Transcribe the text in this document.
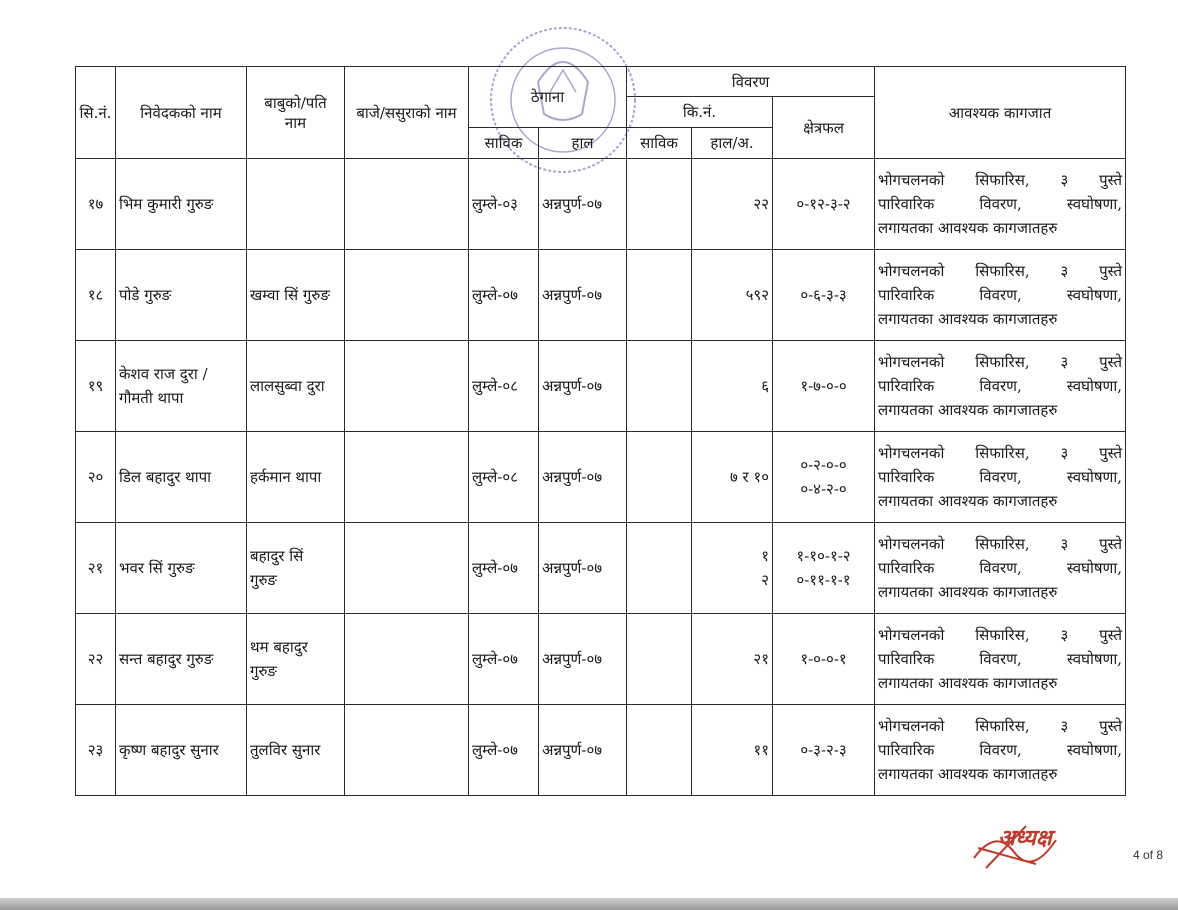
सि.नं.	निवेदकको नाम	बाबुको/पति
नाम	बाजे/ससुराको नाम	ठेगाना		विवरण			आवश्यक कागजात
						कि.नं.		क्षेत्रफल	
				साविक	हाल	साविक	हाल/अ.		
१७	भिम कुमारी गुरुङ			लुम्ले-०३	अन्नपुर्ण-०७		२२	०-१२-३-२	भोगचलनको सिफारिस, ३ पुस्ते
पारिवारिक विवरण, स्वघोषणा,
लगायतका आवश्यक कागजातहरु

१८	पोडे गुरुङ	खम्वा सिं गुरुङ		लुम्ले-०७	अन्नपुर्ण-०७		५९२	०-६-३-३	भोगचलनको सिफारिस, ३ पुस्ते
पारिवारिक विवरण, स्वघोषणा,
लगायतका आवश्यक कागजातहरु

१९	केशव राज दुरा /
गौमती थापा	लालसुब्वा दुरा		लुम्ले-०८	अन्नपुर्ण-०७		६	१-७-०-०	भोगचलनको सिफारिस, ३ पुस्ते
पारिवारिक विवरण, स्वघोषणा,
लगायतका आवश्यक कागजातहरु

२०	डिल बहादुर थापा	हर्कमान थापा		लुम्ले-०८	अन्नपुर्ण-०७		७ र १०	०-२-०-०
०-४-२-०	भोगचलनको सिफारिस, ३ पुस्ते
पारिवारिक विवरण, स्वघोषणा,
लगायतका आवश्यक कागजातहरु

२१	भवर सिं गुरुङ	बहादुर सिं
गुरुङ		लुम्ले-०७	अन्नपुर्ण-०७		१
२	१-१०-१-२
०-११-१-१	भोगचलनको सिफारिस, ३ पुस्ते
पारिवारिक विवरण, स्वघोषणा,
लगायतका आवश्यक कागजातहरु

२२	सन्त बहादुर गुरुङ	थम बहादुर
गुरुङ		लुम्ले-०७	अन्नपुर्ण-०७		२१	१-०-०-१	भोगचलनको सिफारिस, ३ पुस्ते
पारिवारिक विवरण, स्वघोषणा,
लगायतका आवश्यक कागजातहरु

२३	कृष्ण बहादुर सुनार	तुलविर सुनार		लुम्ले-०७	अन्नपुर्ण-०७		११	०-३-२-३	भोगचलनको सिफारिस, ३ पुस्ते
पारिवारिक विवरण, स्वघोषणा,
लगायतका आवश्यक कागजातहरु
अध्यक्ष
4 of 8
